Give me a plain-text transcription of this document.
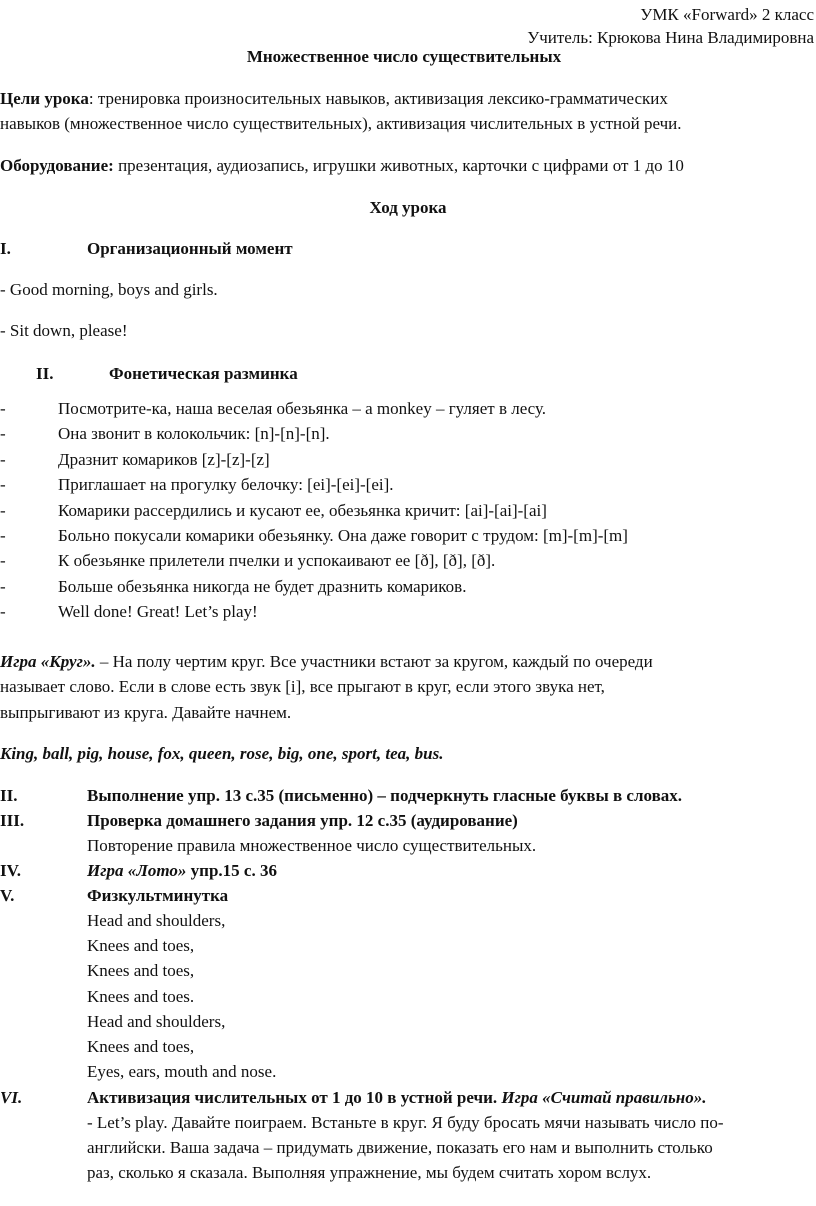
УМК «Forward» 2 класс
Учитель: Крюкова Нина Владимировна
Множественное число существительных
Цели урока: тренировка произносительных навыков, активизация лексико-грамматических
навыков (множественное число существительных), активизация числительных в устной речи.
Оборудование: презентация, аудиозапись, игрушки животных, карточки с цифрами от 1 до 10
Ход урока
I.	Организационный момент
- Good morning, boys and girls.
- Sit down, please!
II.	Фонетическая разминка
-	Посмотрите-ка, наша веселая обезьянка – a monkey – гуляет в лесу.
-	Она звонит в колокольчик: [n]-[n]-[n].
-	Дразнит комариков [z]-[z]-[z]
-	Приглашает на прогулку белочку: [ei]-[ei]-[ei].
-	Комарики рассердились и кусают ее, обезьянка кричит: [ai]-[ai]-[ai]
-	Больно покусали комарики обезьянку. Она даже говорит с трудом: [m]-[m]-[m]
-	К обезьянке прилетели пчелки и успокаивают ее [ð], [ð], [ð].
-	Больше обезьянка никогда не будет дразнить комариков.
-	Well done! Great! Let’s play!
Игра «Круг». – На полу чертим круг. Все участники встают за кругом, каждый по очереди
называет слово. Если в слове есть звук [i], все прыгают в круг, если этого звука нет,
выпрыгивают из круга. Давайте начнем.
King, ball, pig, house, fox, queen, rose, big, one, sport, tea, bus.
II.	Выполнение упр. 13 с.35 (письменно) – подчеркнуть гласные буквы в словах.
III.	Проверка домашнего задания упр. 12 с.35 (аудирование)
Повторение правила множественное число существительных.
IV.	Игра «Лото» упр.15 с. 36
V.	Физкультминутка
Head and shoulders,
Knees and toes,
Knees and toes,
Knees and toes.
Head and shoulders,
Knees and toes,
Eyes, ears, mouth and nose.
VI.	Активизация числительных от 1 до 10 в устной речи. Игра «Считай правильно».
- Let’s play. Давайте поиграем. Встаньте в круг. Я буду бросать мячи называть число по-
английски. Ваша задача – придумать движение, показать его нам и выполнить столько
раз, сколько я сказала. Выполняя упражнение, мы будем считать хором вслух.
